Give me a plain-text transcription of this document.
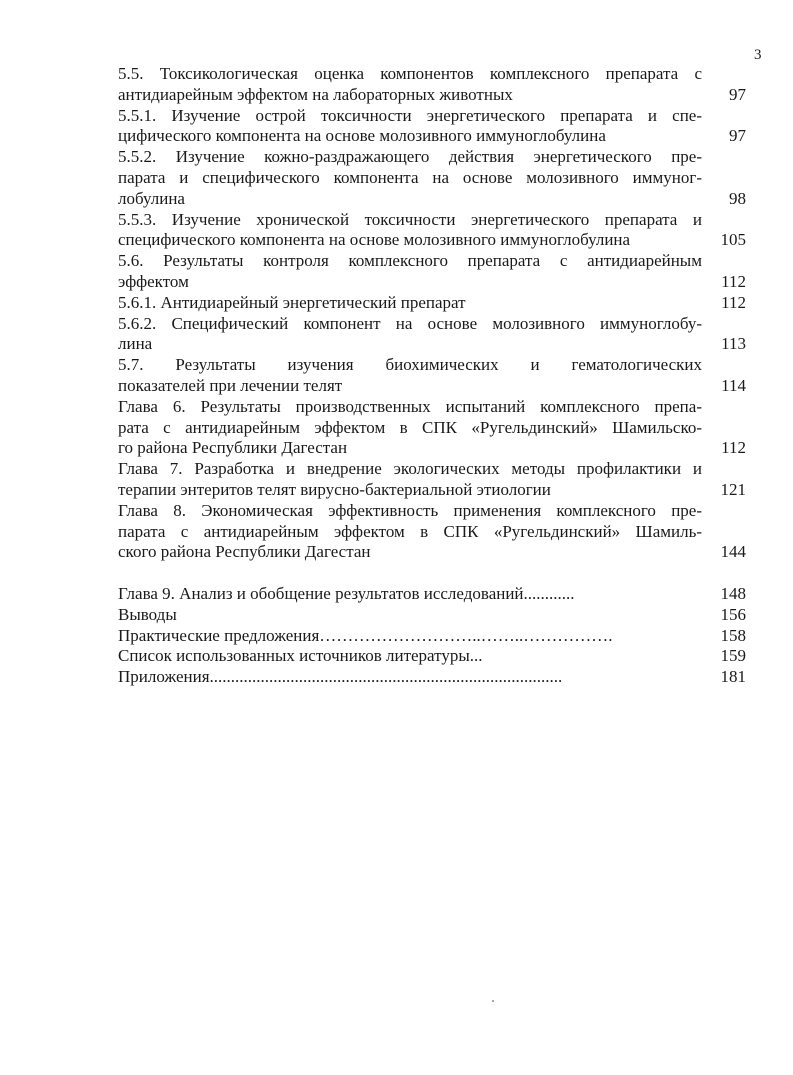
3
5.5. Токсикологическая оценка компонентов комплексного препарата с
антидиарейным эффектом на лабораторных животных	97
5.5.1. Изучение острой токсичности энергетического препарата и спе-
цифического компонента на основе молозивного иммуноглобулина	97
5.5.2. Изучение кожно-раздражающего действия энергетического пре-
парата и специфического компонента на основе молозивного иммуног-
лобулина	98
5.5.3. Изучение хронической токсичности энергетического препарата и
специфического компонента на основе молозивного иммуноглобулина	105
5.6. Результаты контроля комплексного препарата с антидиарейным
эффектом	112
5.6.1. Антидиарейный энергетический препарат	112
5.6.2. Специфический компонент на основе молозивного иммуноглобу-
лина	113
5.7. Результаты изучения биохимических и гематологических
показателей при лечении телят	114
Глава 6. Результаты производственных испытаний комплексного препа-
рата с антидиарейным эффектом в СПК «Ругельдинский» Шамильско-
го района Республики Дагестан	112
Глава 7. Разработка и внедрение экологических методы профилактики и
терапии энтеритов телят вирусно-бактериальной этиологии	121
Глава 8. Экономическая эффективность применения комплексного пре-
парата с антидиарейным эффектом в СПК «Ругельдинский» Шамиль-
ского района Республики Дагестан	144
Глава 9. Анализ и обобщение результатов исследований............	148
Выводы	156
Практические предложения………………………..……..…………….	158
Список использованных источников литературы...	159
Приложения...................................................................................	181
